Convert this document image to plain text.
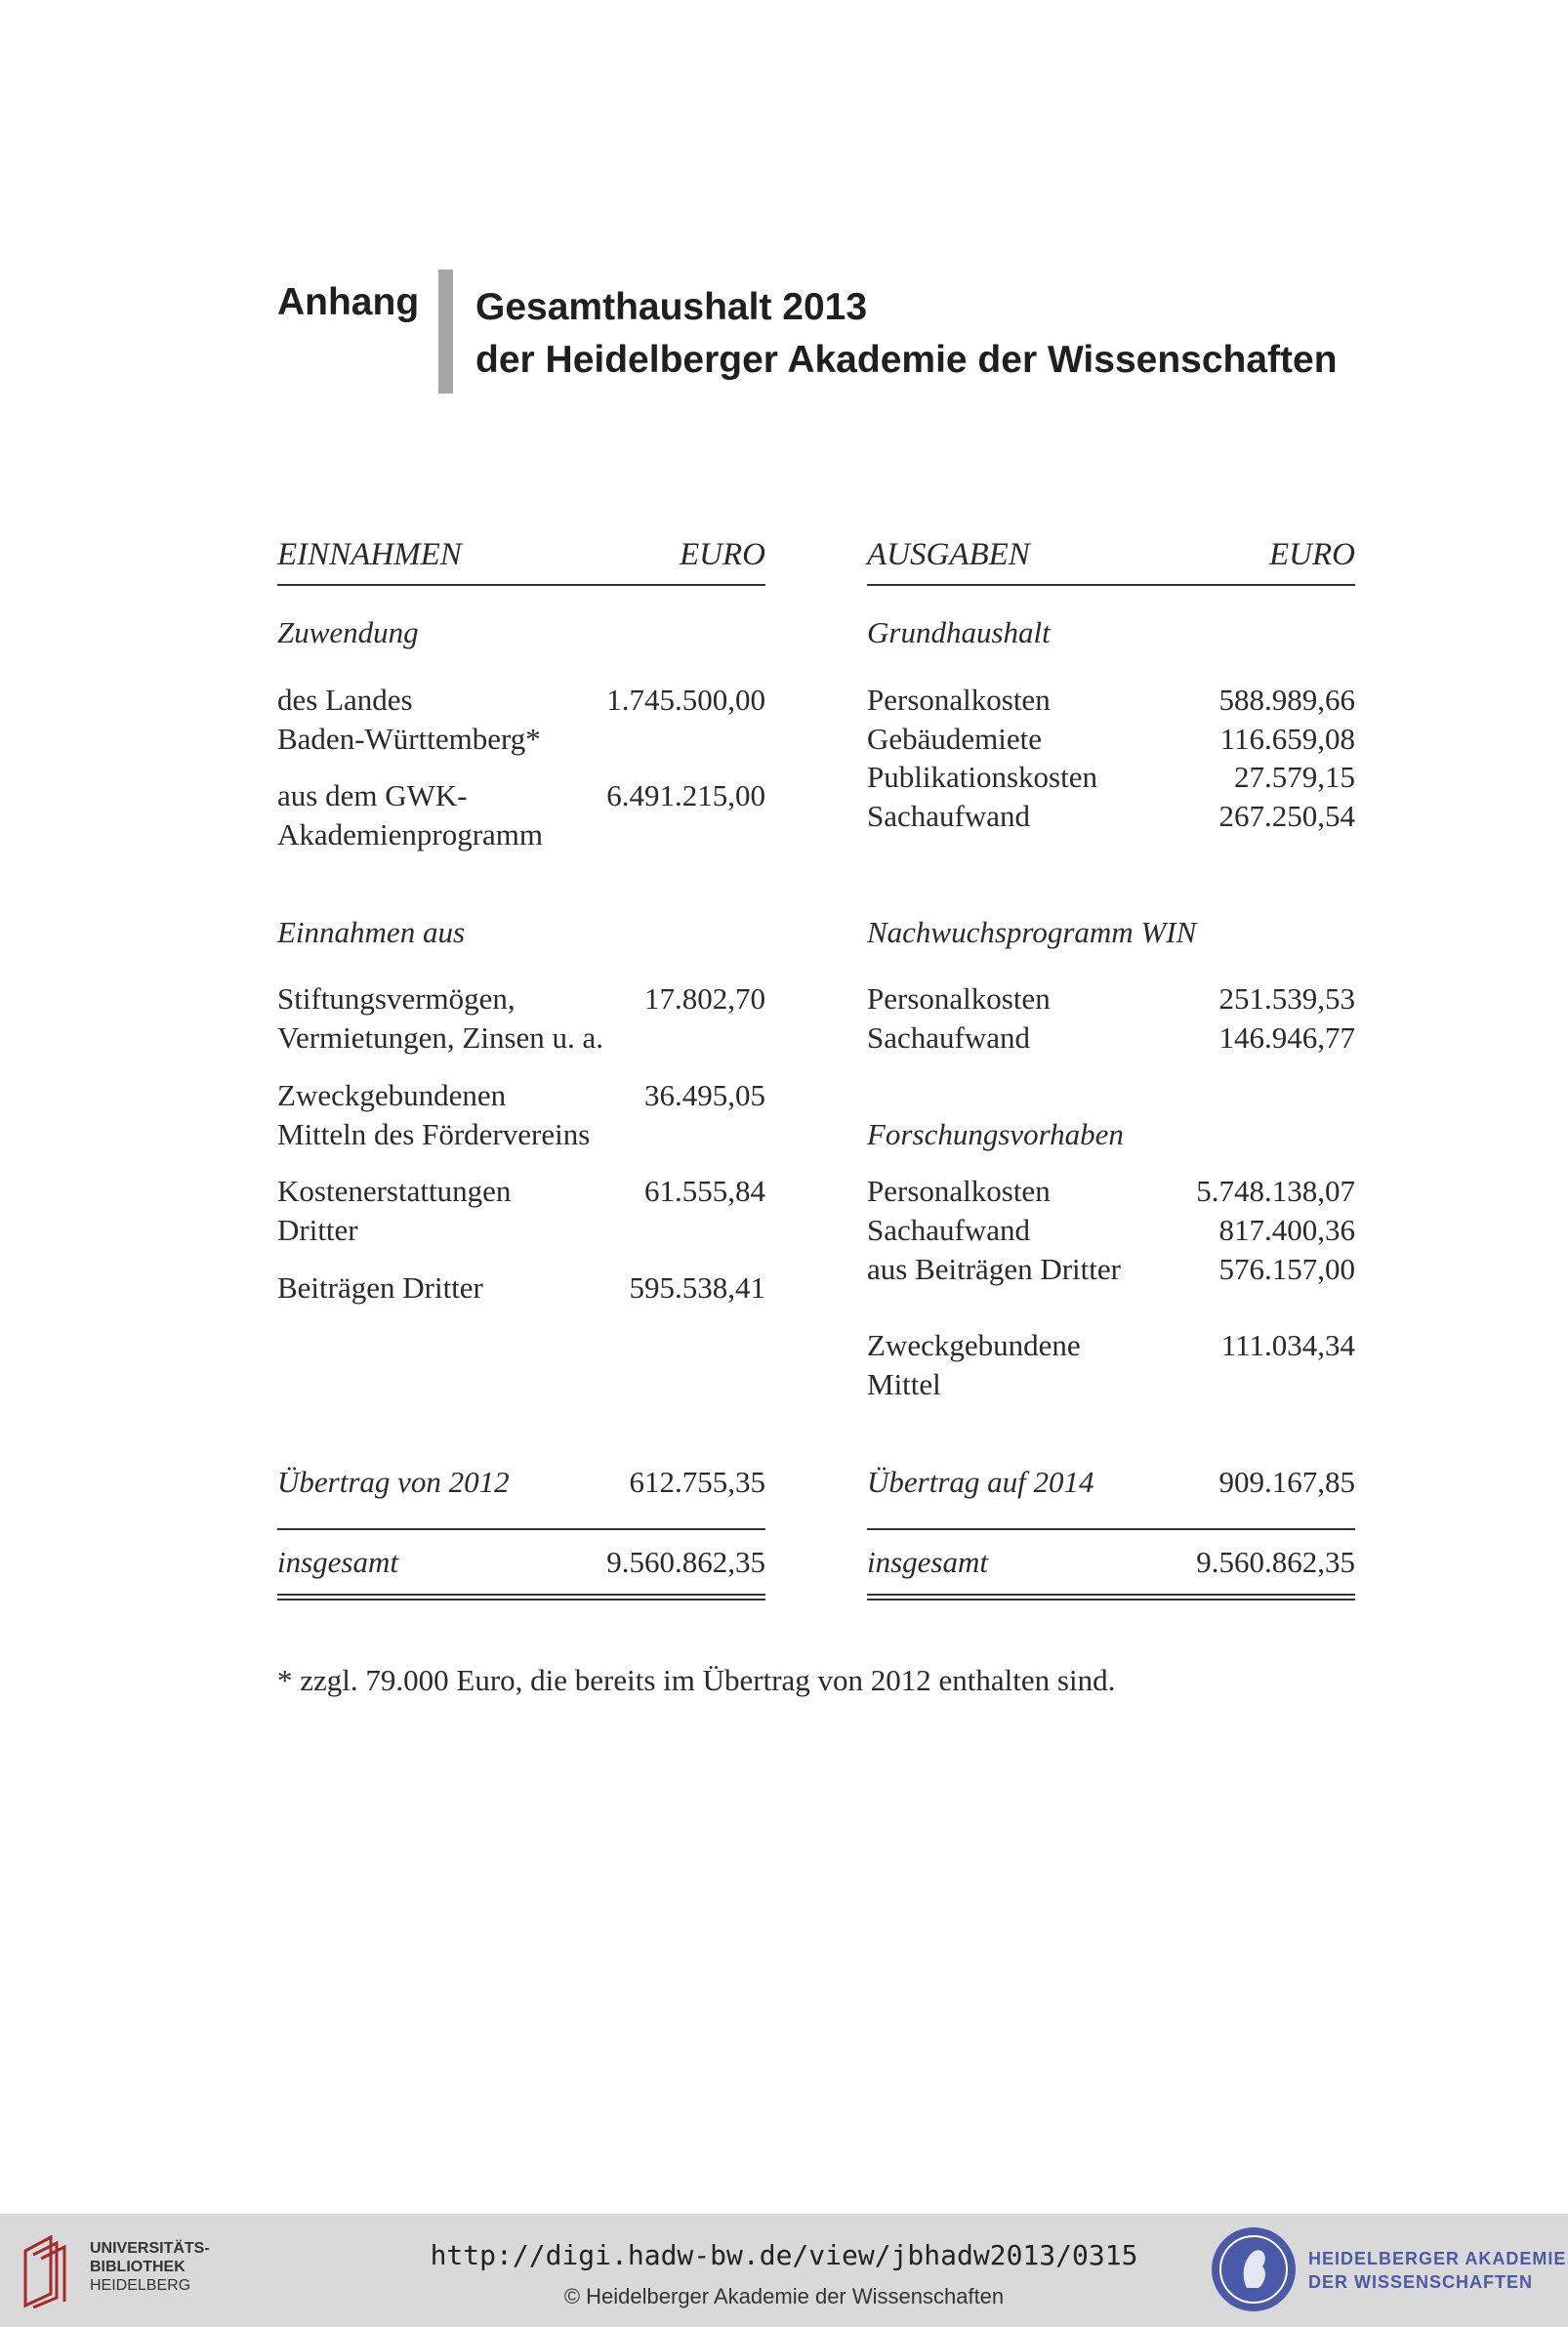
Anhang Gesamthaushalt 2013
der Heidelberger Akademie der Wissenschaften
EINNAHMEN	EURO
Zuwendung
des Landes	1.745.500,00
Baden-Württemberg*
aus dem GWK-	6.491.215,00
Akademienprogramm
Einnahmen aus
Stiftungsvermögen,	17.802,70
Vermietungen, Zinsen u. a.
Zweckgebundenen	36.495,05
Mitteln des Fördervereins
Kostenerstattungen	61.555,84
Dritter
Beiträgen Dritter	595.538,41
Übertrag von 2012	612.755,35
insgesamt	9.560.862,35
AUSGABEN	EURO
Grundhaushalt
Personalkosten	588.989,66
Gebäudemiete	116.659,08
Publikationskosten	27.579,15
Sachaufwand	267.250,54
Nachwuchsprogramm WIN
Personalkosten	251.539,53
Sachaufwand	146.946,77
Forschungsvorhaben
Personalkosten	5.748.138,07
Sachaufwand	817.400,36
aus Beiträgen Dritter	576.157,00
Zweckgebundene	111.034,34
Mittel
Übertrag auf 2014	909.167,85
insgesamt	9.560.862,35
* zzgl. 79.000 Euro, die bereits im Übertrag von 2012 enthalten sind.
UNIVERSITÄTS-
BIBLIOTHEK
HEIDELBERG
http://digi.hadw-bw.de/view/jbhadw2013/0315
© Heidelberger Akademie der Wissenschaften
HEIDELBERGER AKADEMIE
DER WISSENSCHAFTEN
